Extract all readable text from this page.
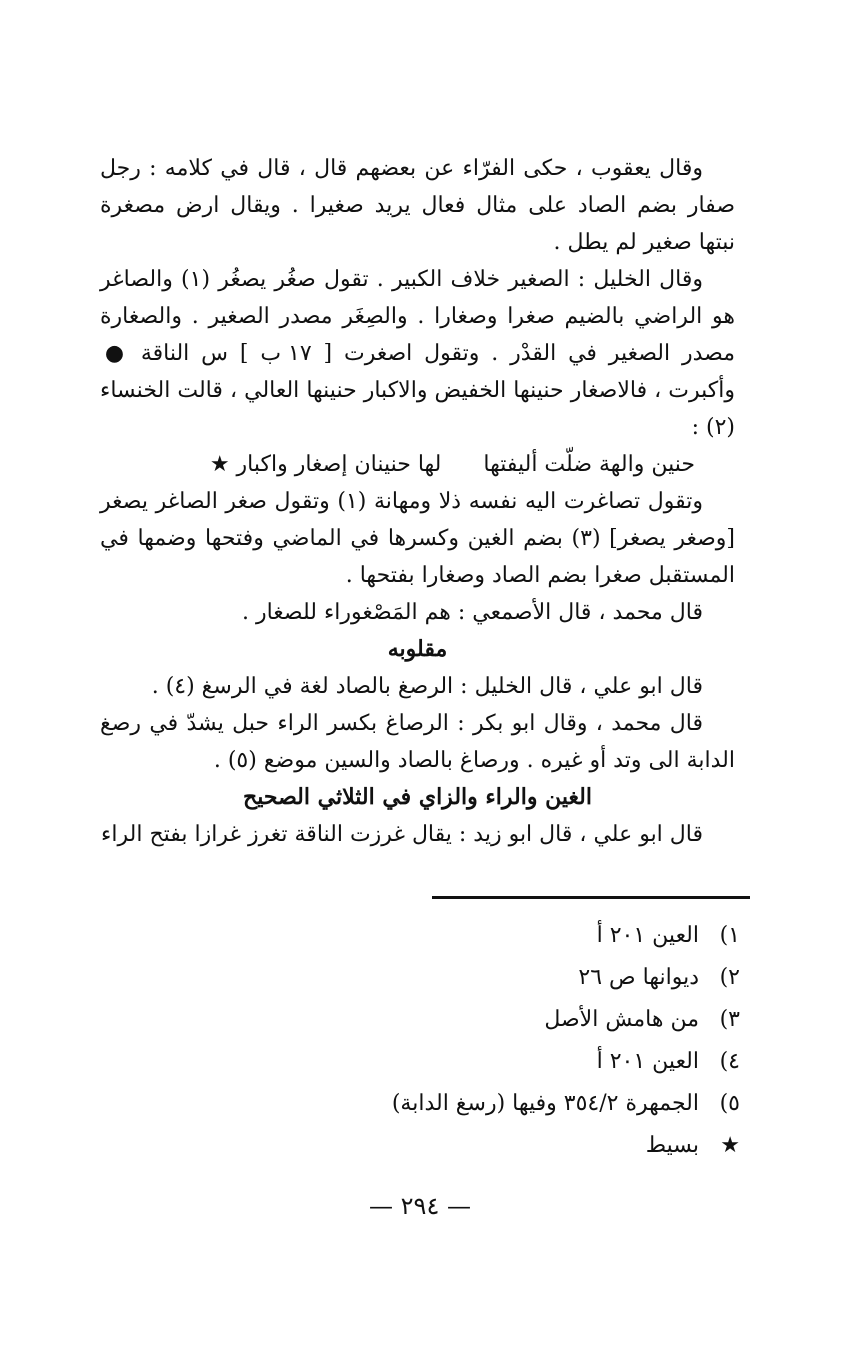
وقال يعقوب ، حكى الفرّاء عن بعضهم قال ، قال في كلامه : رجل صفار بضم الصاد على مثال فعال يريد صغيرا . ويقال ارض مصغرة نبتها صغير لم يطل .

وقال الخليل : الصغير خلاف الكبير . تقول صغُر يصغُر (١) والصاغر هو الراضي بالضيم صغرا وصغارا . والصِغَر مصدر الصغير . والصغارة مصدر الصغير في القدْر . وتقول اصغرت [ ١٧ ب ] س الناقة ● وأكبرت ، فالاصغار حنينها الخفيض والاكبار حنينها العالي ، قالت الخنساء (٢) :

حنين والهة ضلّت أليفتها  لها حنينان إصغار واكبار ★

وتقول تصاغرت اليه نفسه ذلا ومهانة (١) وتقول صغر الصاغر يصغر [وصغر يصغر] (٣) بضم الغين وكسرها في الماضي وفتحها وضمها في المستقبل صغرا بضم الصاد وصغارا بفتحها .

قال محمد ، قال الأصمعي : هم المَصْغوراء للصغار .

مقلوبه

قال ابو علي ، قال الخليل : الرصغ بالصاد لغة في الرسغ (٤) .

قال محمد ، وقال ابو بكر : الرصاغ بكسر الراء حبل يشدّ في رصغ الدابة الى وتد أو غيره . ورصاغ بالصاد والسين موضع (٥) .

الغين والراء والزاي في الثلاثي الصحيح

قال ابو علي ، قال ابو زيد : يقال غرزت الناقة تغرز غرازا بفتح الراء

١) العين ٢٠١ أ
٢) ديوانها ص ٢٦
٣) من هامش الأصل
٤) العين ٢٠١ أ
٥) الجمهرة ٣٥٤/٢ وفيها (رسغ الدابة)
★ بسيط
— ٢٩٤ —
